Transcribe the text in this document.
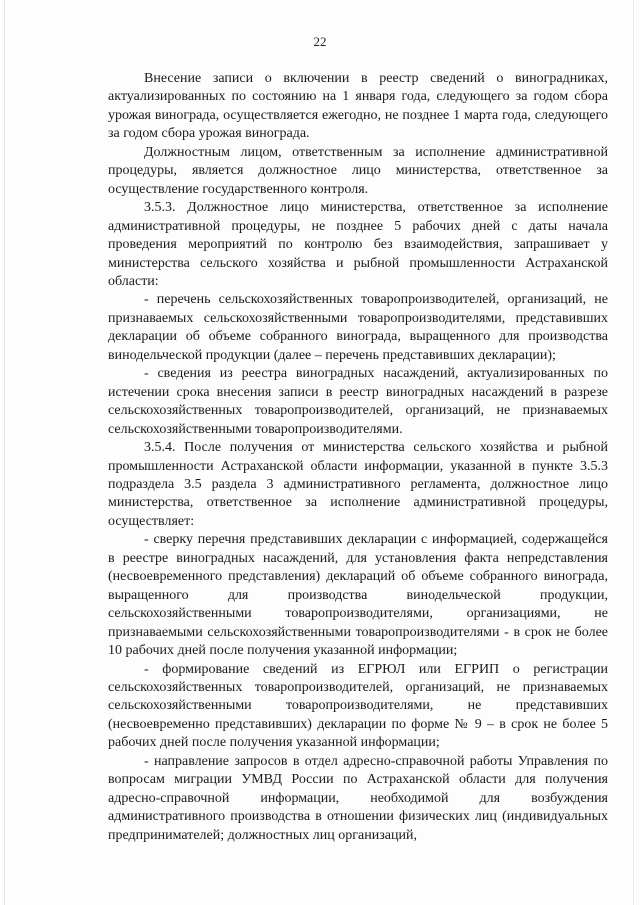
22

Внесение записи о включении в реестр сведений о виноградниках, актуализированных по состоянию на 1 января года, следующего за годом сбора урожая винограда, осуществляется ежегодно, не позднее 1 марта года, следующего за годом сбора урожая винограда.

Должностным лицом, ответственным за исполнение административной процедуры, является должностное лицо министерства, ответственное за осуществление государственного контроля.

3.5.3. Должностное лицо министерства, ответственное за исполнение административной процедуры, не позднее 5 рабочих дней с даты начала проведения мероприятий по контролю без взаимодействия, запрашивает у министерства сельского хозяйства и рыбной промышленности Астраханской области:

- перечень сельскохозяйственных товаропроизводителей, организаций, не признаваемых сельскохозяйственными товаропроизводителями, представивших декларации об объеме собранного винограда, выращенного для производства винодельческой продукции (далее – перечень представивших декларации);

- сведения из реестра виноградных насаждений, актуализированных по истечении срока внесения записи в реестр виноградных насаждений в разрезе сельскохозяйственных товаропроизводителей, организаций, не признаваемых сельскохозяйственными товаропроизводителями.

3.5.4. После получения от министерства сельского хозяйства и рыбной промышленности Астраханской области информации, указанной в пункте 3.5.3 подраздела 3.5 раздела 3 административного регламента, должностное лицо министерства, ответственное за исполнение административной процедуры, осуществляет:

- сверку перечня представивших декларации с информацией, содержащейся в реестре виноградных насаждений, для установления факта непредставления (несвоевременного представления) деклараций об объеме собранного винограда, выращенного для производства винодельческой продукции, сельскохозяйственными товаропроизводителями, организациями, не признаваемыми сельскохозяйственными товаропроизводителями - в срок не более 10 рабочих дней после получения указанной информации;

- формирование сведений из ЕГРЮЛ или ЕГРИП о регистрации сельскохозяйственных товаропроизводителей, организаций, не признаваемых сельскохозяйственными товаропроизводителями, не представивших (несвоевременно представивших) декларации по форме № 9 – в срок не более 5 рабочих дней после получения указанной информации;

- направление запросов в отдел адресно-справочной работы Управления по вопросам миграции УМВД России по Астраханской области для получения адресно-справочной информации, необходимой для возбуждения административного производства в отношении физических лиц (индивидуальных предпринимателей; должностных лиц организаций,
